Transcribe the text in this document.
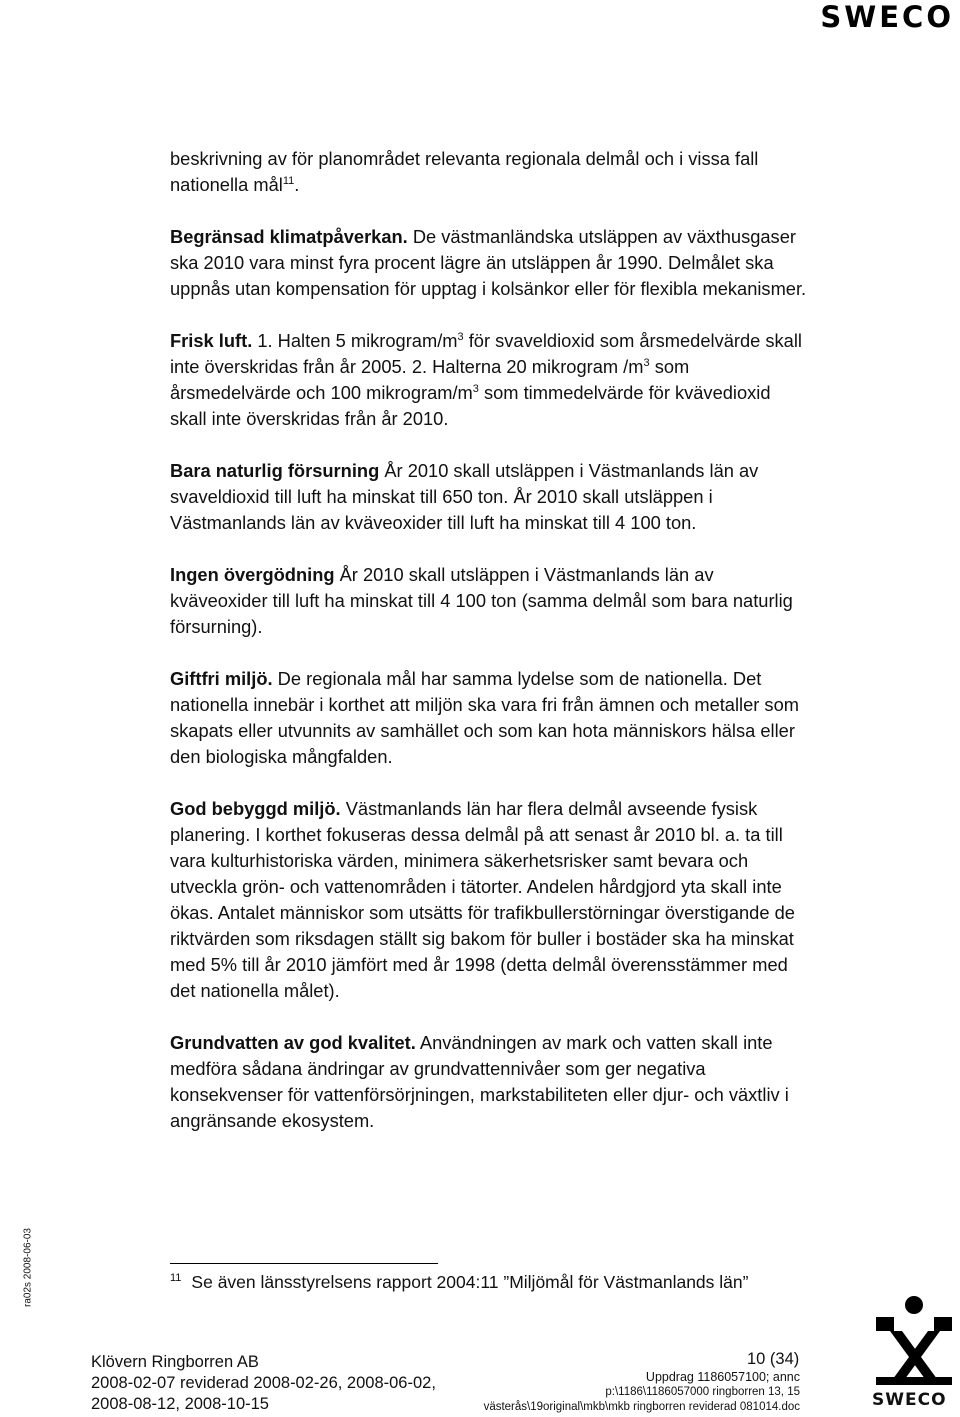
SWECO

beskrivning av för planområdet relevanta regionala delmål och i vissa fall nationella mål$^{11}$.

Begränsad klimatpåverkan. De västmanländska utsläppen av växthusgaser ska 2010 vara minst fyra procent lägre än utsläppen år 1990. Delmålet ska uppnås utan kompensation för upptag i kolsänkor eller för flexibla mekanismer.

Frisk luft. 1. Halten 5 mikrogram/$m^3$ för svaveldioxid som årsmedelvärde skall inte överskridas från år 2005. 2. Halterna 20 mikrogram $/m^3$ som årsmedelvärde och 100 mikrogram/$m^3$ som timmedelvärde för kvävedioxid skall inte överskridas från år 2010.

Bara naturlig försurning År 2010 skall utsläppen i Västmanlands län av svaveldioxid till luft ha minskat till 650 ton. År 2010 skall utsläppen i Västmanlands län av kväveoxider till luft ha minskat till 4 100 ton.

Ingen övergödning År 2010 skall utsläppen i Västmanlands län av kväveoxider till luft ha minskat till 4 100 ton (samma delmål som bara naturlig försurning).

Giftfri miljö. De regionala mål har samma lydelse som de nationella. Det nationella innebär i korthet att miljön ska vara fri från ämnen och metaller som skapats eller utvunnits av samhället och som kan hota människors hälsa eller den biologiska mångfalden.

God bebyggd miljö. Västmanlands län har flera delmål avseende fysisk planering. I korthet fokuseras dessa delmål på att senast år 2010 bl. a. ta till vara kulturhistoriska värden, minimera säkerhetsrisker samt bevara och utveckla grön- och vattenområden i tätorter. Andelen hårdgjord yta skall inte ökas. Antalet människor som utsätts för trafikbullerstörningar överstigande de riktvärden som riksdagen ställt sig bakom för buller i bostäder ska ha minskat med 5% till år 2010 jämfört med år 1998 (detta delmål överensstämmer med det nationella målet).

Grundvatten av god kvalitet. Användningen av mark och vatten skall inte medföra sådana ändringar av grundvattennivåer som ger negativa konsekvenser för vattenförsörjningen, markstabiliteten eller djur- och växtliv i angränsande ekosystem.

ra02s 2008-06-03	$^{11}$ Se även länsstyrelsens rapport 2004:11 ”Miljömål för Västmanlands län”
Klövern Ringborren AB
2008-02-07 reviderad 2008-02-26, 2008-06-02, 2008-08-12, 2008-10-15
10 (34)
Uppdrag 1186057100; annc
p:\1186\1186057000 ringborren 13, 15
västerås\19original\mkb\mkb ringborren reviderad 081014.doc	SWECO
